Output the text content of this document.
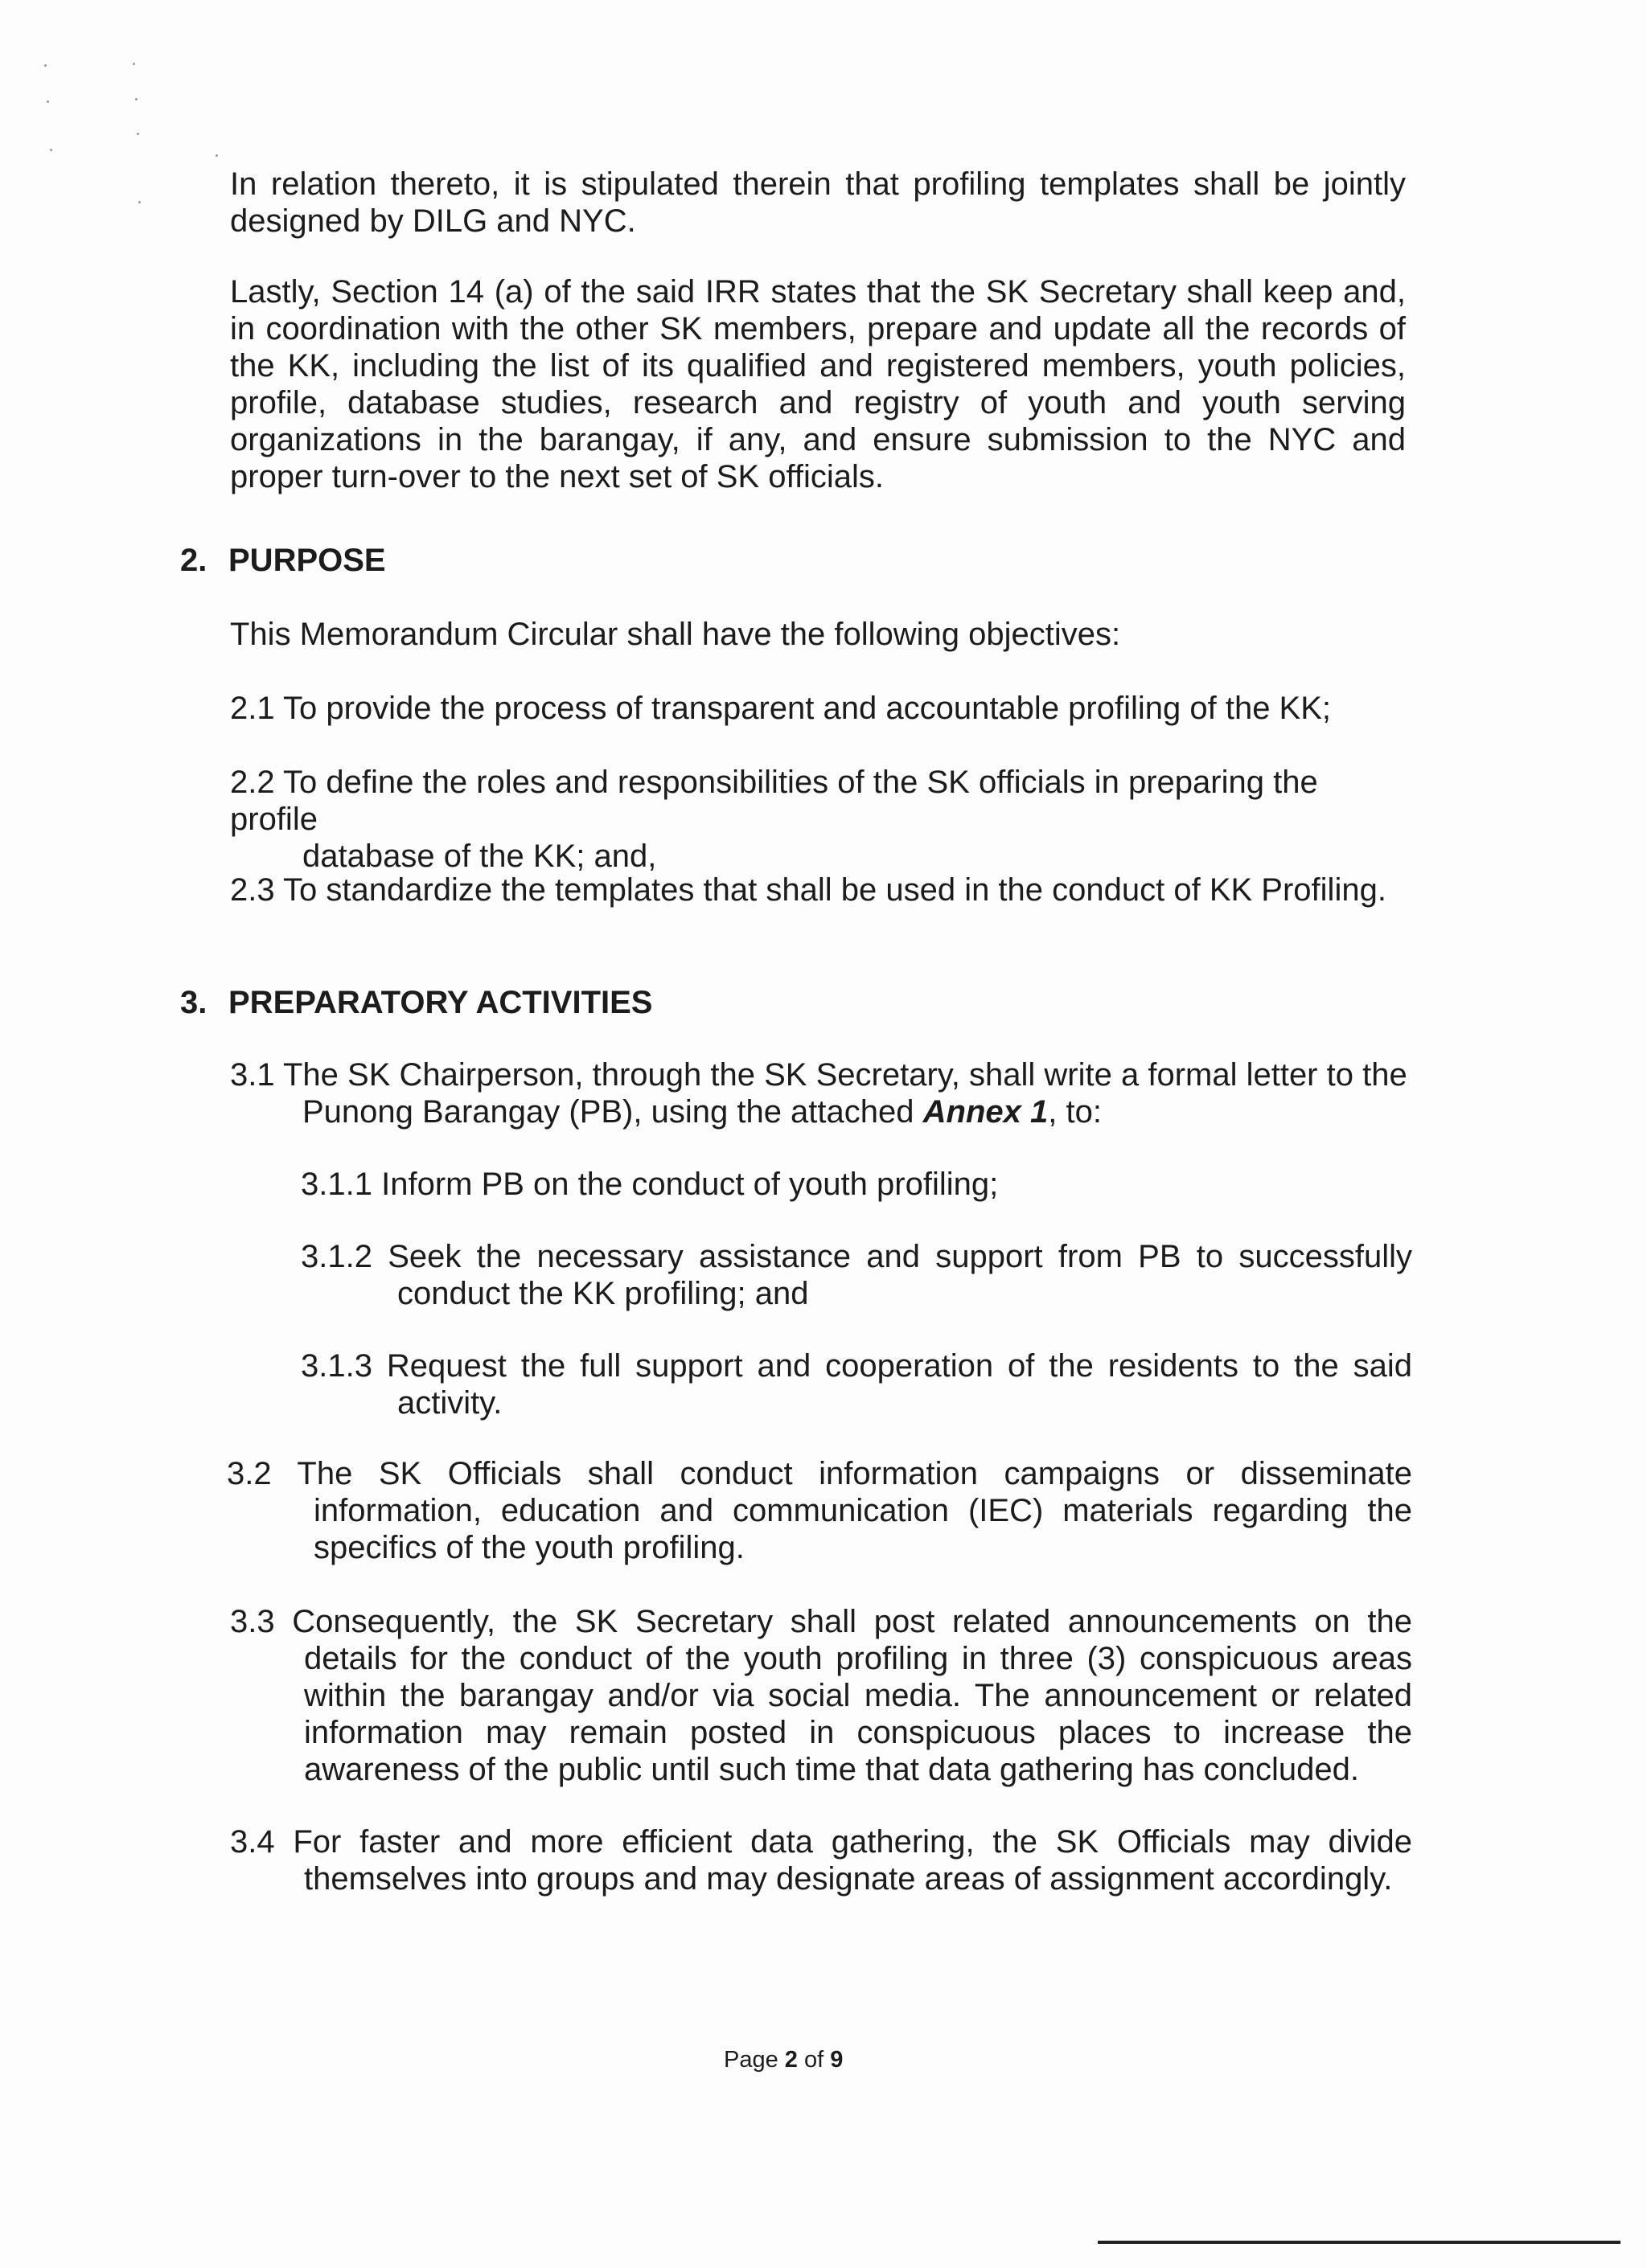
In relation thereto, it is stipulated therein that profiling templates shall be jointly designed by DILG and NYC.
Lastly, Section 14 (a) of the said IRR states that the SK Secretary shall keep and, in coordination with the other SK members, prepare and update all the records of the KK, including the list of its qualified and registered members, youth policies, profile, database studies, research and registry of youth and youth serving organizations in the barangay, if any, and ensure submission to the NYC and proper turn-over to the next set of SK officials.
2. PURPOSE
This Memorandum Circular shall have the following objectives:
2.1 To provide the process of transparent and accountable profiling of the KK;
2.2 To define the roles and responsibilities of the SK officials in preparing the profile
database of the KK; and,
2.3 To standardize the templates that shall be used in the conduct of KK Profiling.
3. PREPARATORY ACTIVITIES
3.1 The SK Chairperson, through the SK Secretary, shall write a formal letter to the
Punong Barangay (PB), using the attached Annex 1, to:
3.1.1 Inform PB on the conduct of youth profiling;
3.1.2 Seek the necessary assistance and support from PB to successfully
conduct the KK profiling; and
3.1.3 Request the full support and cooperation of the residents to the said
activity.
3.2 The SK Officials shall conduct information campaigns or disseminate
information, education and communication (IEC) materials regarding the
specifics of the youth profiling.
3.3 Consequently, the SK Secretary shall post related announcements on the
details for the conduct of the youth profiling in three (3) conspicuous areas
within the barangay and/or via social media. The announcement or related
information may remain posted in conspicuous places to increase the
awareness of the public until such time that data gathering has concluded.
3.4 For faster and more efficient data gathering, the SK Officials may divide
themselves into groups and may designate areas of assignment accordingly.
Page 2 of 9
